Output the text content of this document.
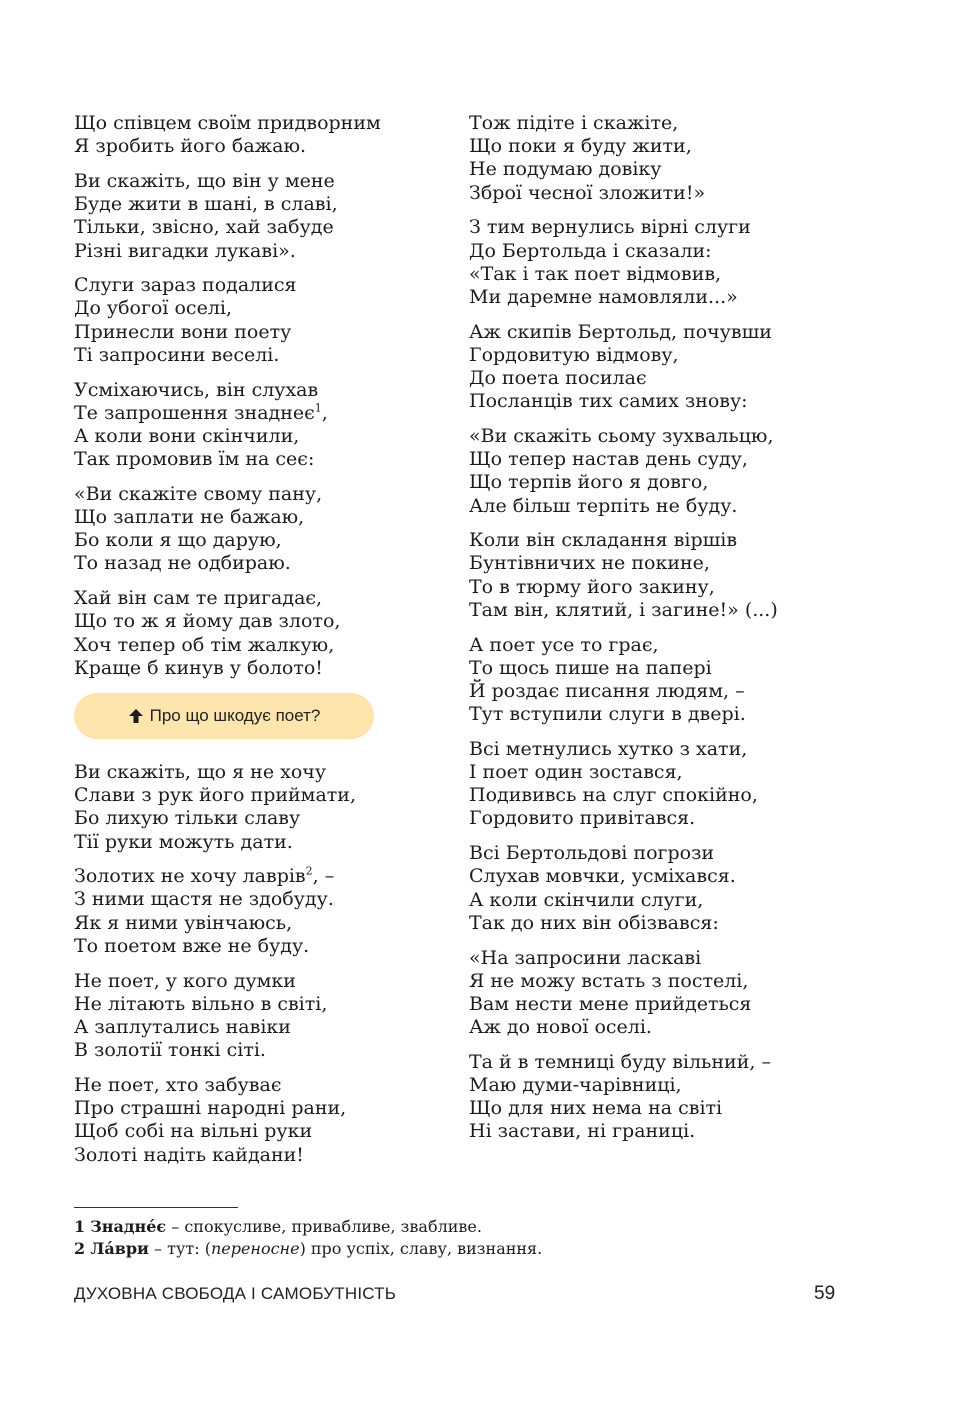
Що співцем своїм придворним
Я зробить його бажаю.
Ви скажіть, що він у мене
Буде жити в шані, в славі,
Тільки, звісно, хай забуде
Різні вигадки лукаві».
Слуги зараз подалися
До убогої оселі,
Принесли вони поету
Ті запросини веселі.
Усміхаючись, він слухав
Те запрошення знаднеє$^1$,
А коли вони скінчили,
Так промовив їм на сеє:
«Ви скажіте свому пану,
Що заплати не бажаю,
Бо коли я що дарую,
То назад не одбираю.
Хай він сам те пригадає,
Що то ж я йому дав злото,
Хоч тепер об тім жалкую,
Краще б кинув у болото!
Про що шкодує поет?
Ви скажіть, що я не хочу
Слави з рук його приймати,
Бо лихую тільки славу
Тії руки можуть дати.
Золотих не хочу лаврів$^2$, –
З ними щастя не здобуду.
Як я ними увінчаюсь,
То поетом вже не буду.
Не поет, у кого думки
Не літають вільно в світі,
А заплутались навіки
В золотії тонкі сіті.
Не поет, хто забуває
Про страшні народні рани,
Щоб собі на вільні руки
Золоті надіть кайдани!
Тож підіте і скажіте,
Що поки я буду жити,
Не подумаю довіку
Зброї чесної зложити!»
З тим вернулись вірні слуги
До Бертольда і сказали:
«Так і так поет відмовив,
Ми даремне намовляли...»
Аж скипів Бертольд, почувши
Гордовитую відмову,
До поета посилає
Посланців тих самих знову:
«Ви скажіть сьому зухвальцю,
Що тепер настав день суду,
Що терпів його я довго,
Але більш терпіть не буду.
Коли він складання віршів
Бунтівничих не покине,
То в тюрму його закину,
Там він, клятий, і загине!» (...)
А поет усе то грає,
То щось пише на папері
Й роздає писання людям, –
Тут вступили слуги в двері.
Всі метнулись хутко з хати,
І поет один зостався,
Подививсь на слуг спокійно,
Гордовито привітався.
Всі Бертольдові погрози
Слухав мовчки, усміхався.
А коли скінчили слуги,
Так до них він обізвався:
«На запросини ласкаві
Я не можу встать з постелі,
Вам нести мене прийдеться
Аж до нової оселі.
Та й в темниці буду вільний, –
Маю думи-чарівниці,
Що для них нема на світі
Ні застави, ні границі.
1 Знадне́є – спокусливе, привабливе, звабливе.
2 Ла́ври – тут: (переносне) про успіх, славу, визнання.
ДУХОВНА СВОБОДА І САМОБУТНІСТЬ	59
